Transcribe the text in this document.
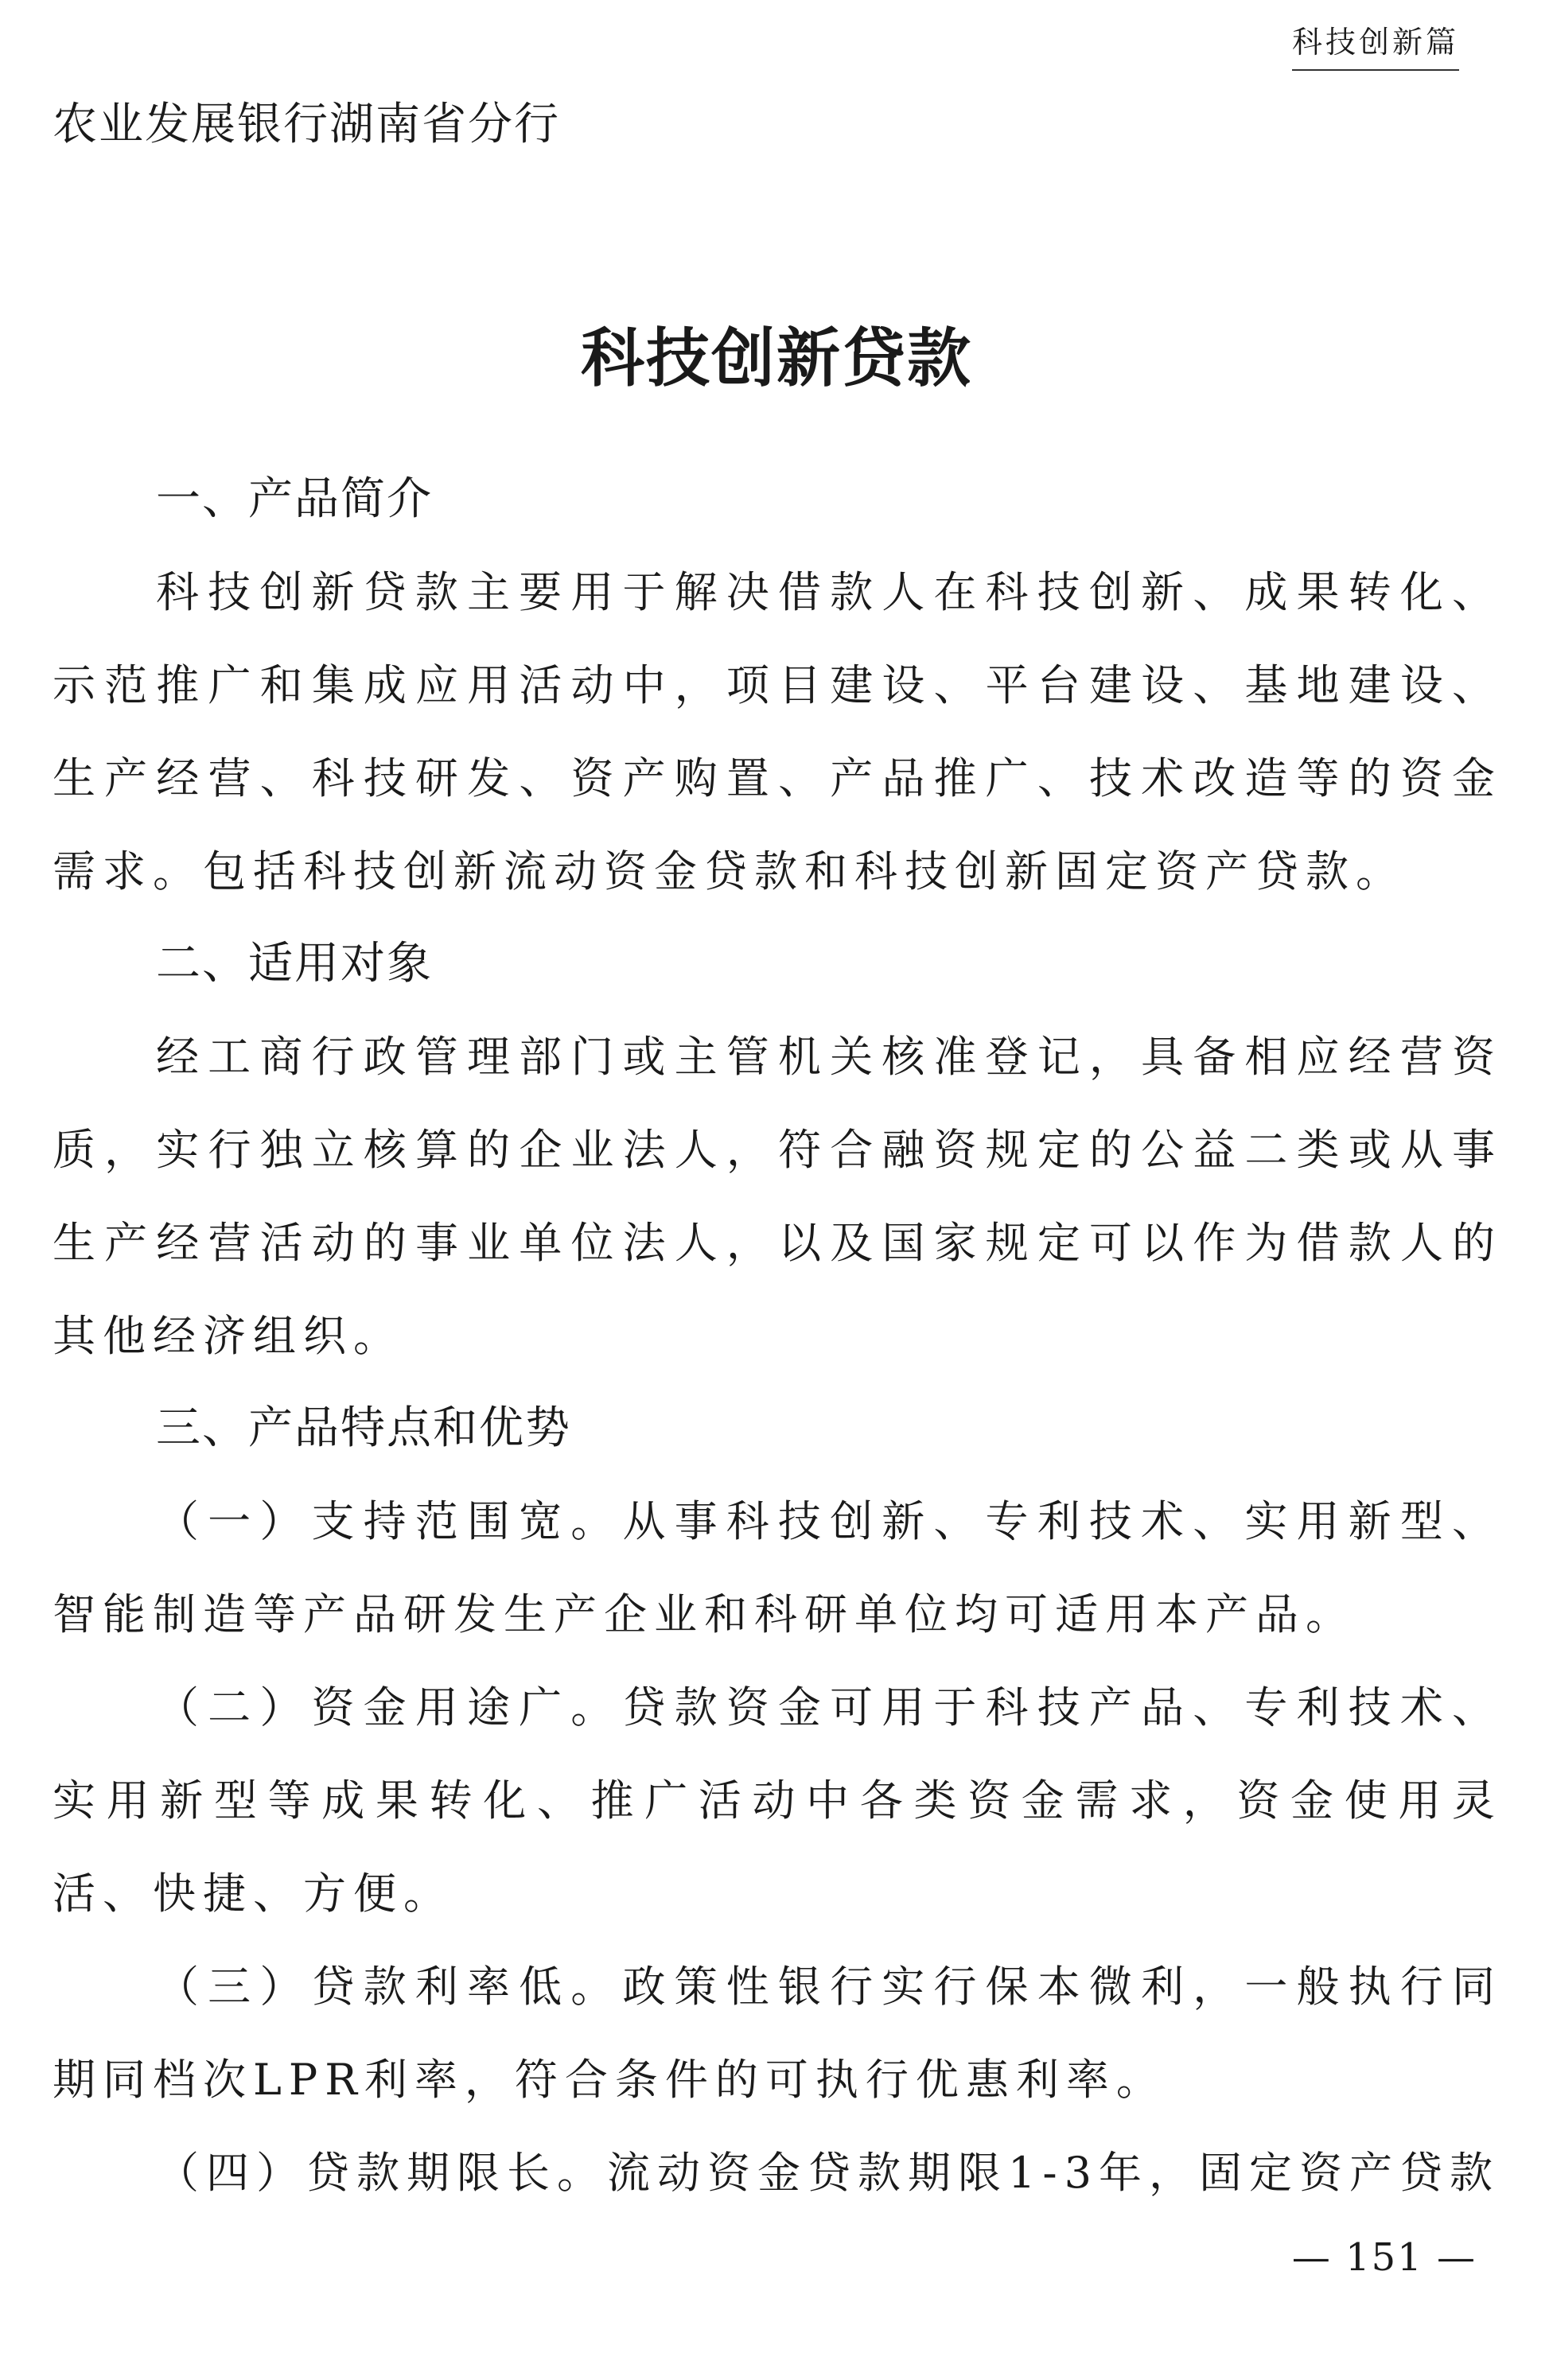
科技创新篇
农业发展银行湖南省分行
科技创新贷款
一、产品简介

科技创新贷款主要用于解决借款人在科技创新、成果转化、示范推广和集成应用活动中，项目建设、平台建设、基地建设、生产经营、科技研发、资产购置、产品推广、技术改造等的资金需求。包括科技创新流动资金贷款和科技创新固定资产贷款。

二、适用对象

经工商行政管理部门或主管机关核准登记，具备相应经营资质，实行独立核算的企业法人，符合融资规定的公益二类或从事生产经营活动的事业单位法人，以及国家规定可以作为借款人的其他经济组织。

三、产品特点和优势

（一）支持范围宽。从事科技创新、专利技术、实用新型、智能制造等产品研发生产企业和科研单位均可适用本产品。

（二）资金用途广。贷款资金可用于科技产品、专利技术、实用新型等成果转化、推广活动中各类资金需求，资金使用灵活、快捷、方便。

（三）贷款利率低。政策性银行实行保本微利，一般执行同期同档次LPR利率，符合条件的可执行优惠利率。

（四）贷款期限长。流动资金贷款期限1-3年，固定资产贷款

— 151 —
